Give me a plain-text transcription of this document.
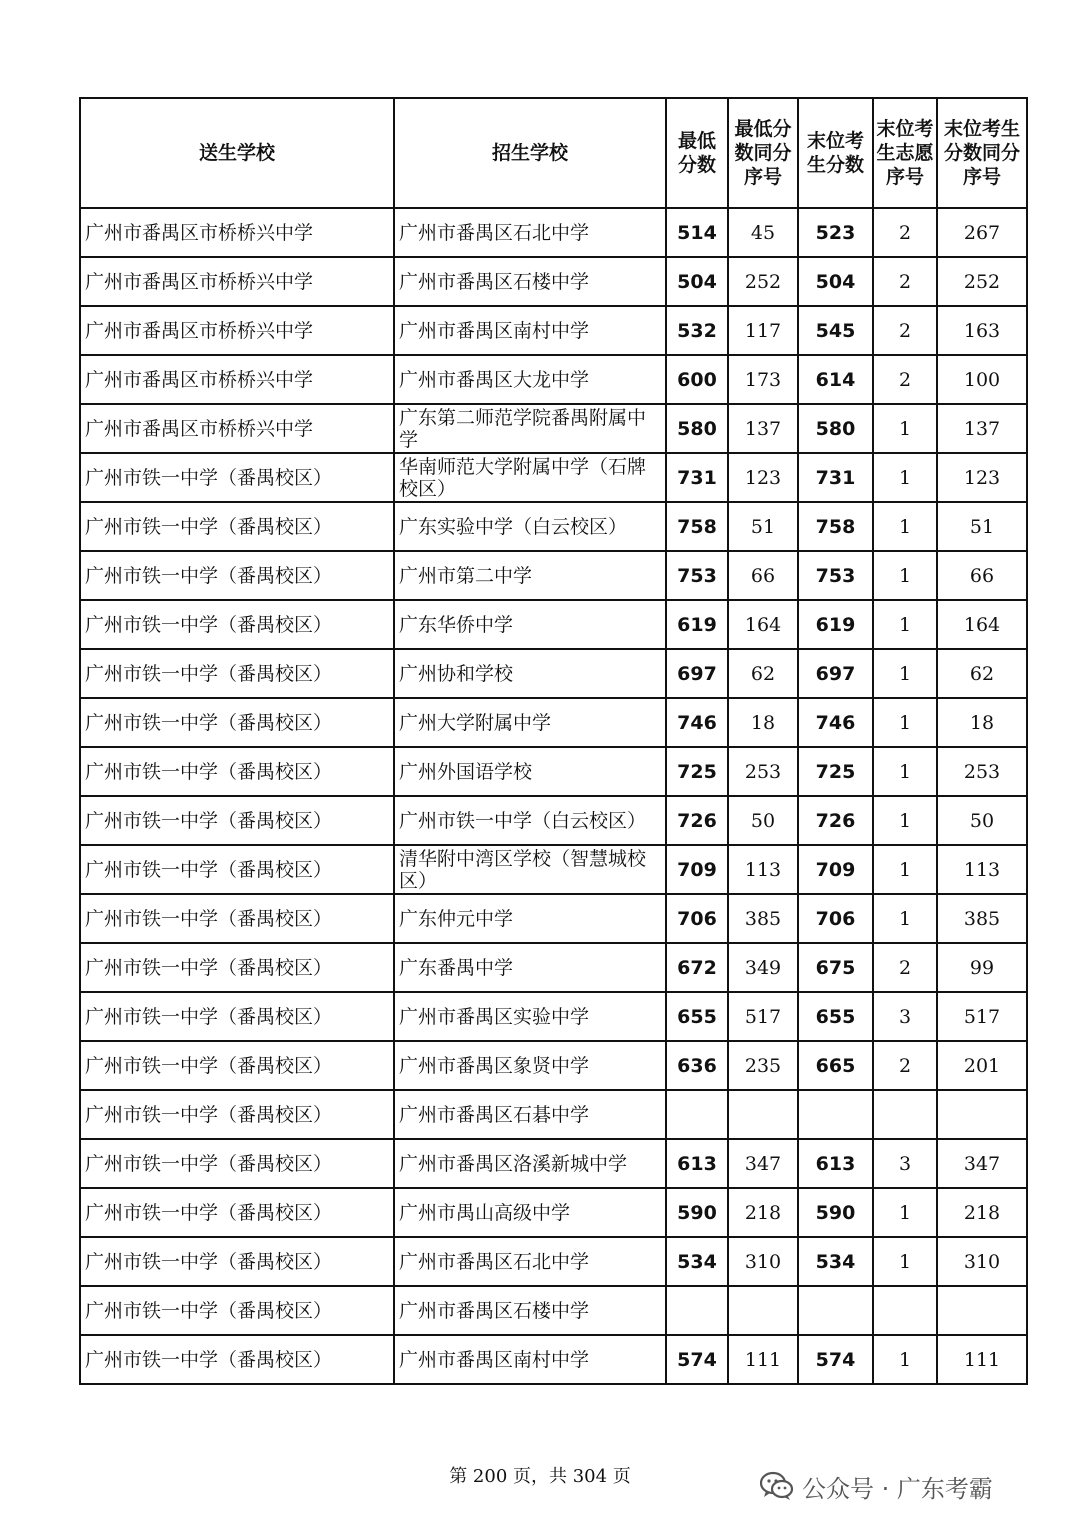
送生学校	招生学校	最低分数	最低分数同分序号	末位考生分数	末位考生志愿序号	末位考生分数同分序号
广州市番禺区市桥桥兴中学	广州市番禺区石北中学	514	45	523	2	267
广州市番禺区市桥桥兴中学	广州市番禺区石楼中学	504	252	504	2	252
广州市番禺区市桥桥兴中学	广州市番禺区南村中学	532	117	545	2	163
广州市番禺区市桥桥兴中学	广州市番禺区大龙中学	600	173	614	2	100
广州市番禺区市桥桥兴中学	广东第二师范学院番禺附属中学	580	137	580	1	137
广州市铁一中学（番禺校区）	华南师范大学附属中学（石牌校区）	731	123	731	1	123
广州市铁一中学（番禺校区）	广东实验中学（白云校区）	758	51	758	1	51
广州市铁一中学（番禺校区）	广州市第二中学	753	66	753	1	66
广州市铁一中学（番禺校区）	广东华侨中学	619	164	619	1	164
广州市铁一中学（番禺校区）	广州协和学校	697	62	697	1	62
广州市铁一中学（番禺校区）	广州大学附属中学	746	18	746	1	18
广州市铁一中学（番禺校区）	广州外国语学校	725	253	725	1	253
广州市铁一中学（番禺校区）	广州市铁一中学（白云校区）	726	50	726	1	50
广州市铁一中学（番禺校区）	清华附中湾区学校（智慧城校区）	709	113	709	1	113
广州市铁一中学（番禺校区）	广东仲元中学	706	385	706	1	385
广州市铁一中学（番禺校区）	广东番禺中学	672	349	675	2	99
广州市铁一中学（番禺校区）	广州市番禺区实验中学	655	517	655	3	517
广州市铁一中学（番禺校区）	广州市番禺区象贤中学	636	235	665	2	201
广州市铁一中学（番禺校区）	广州市番禺区石碁中学					
广州市铁一中学（番禺校区）	广州市番禺区洛溪新城中学	613	347	613	3	347
广州市铁一中学（番禺校区）	广州市禺山高级中学	590	218	590	1	218
广州市铁一中学（番禺校区）	广州市番禺区石北中学	534	310	534	1	310
广州市铁一中学（番禺校区）	广州市番禺区石楼中学					
广州市铁一中学（番禺校区）	广州市番禺区南村中学	574	111	574	1	111
第 200 页，共 304 页	公众号 · 广东考霸
